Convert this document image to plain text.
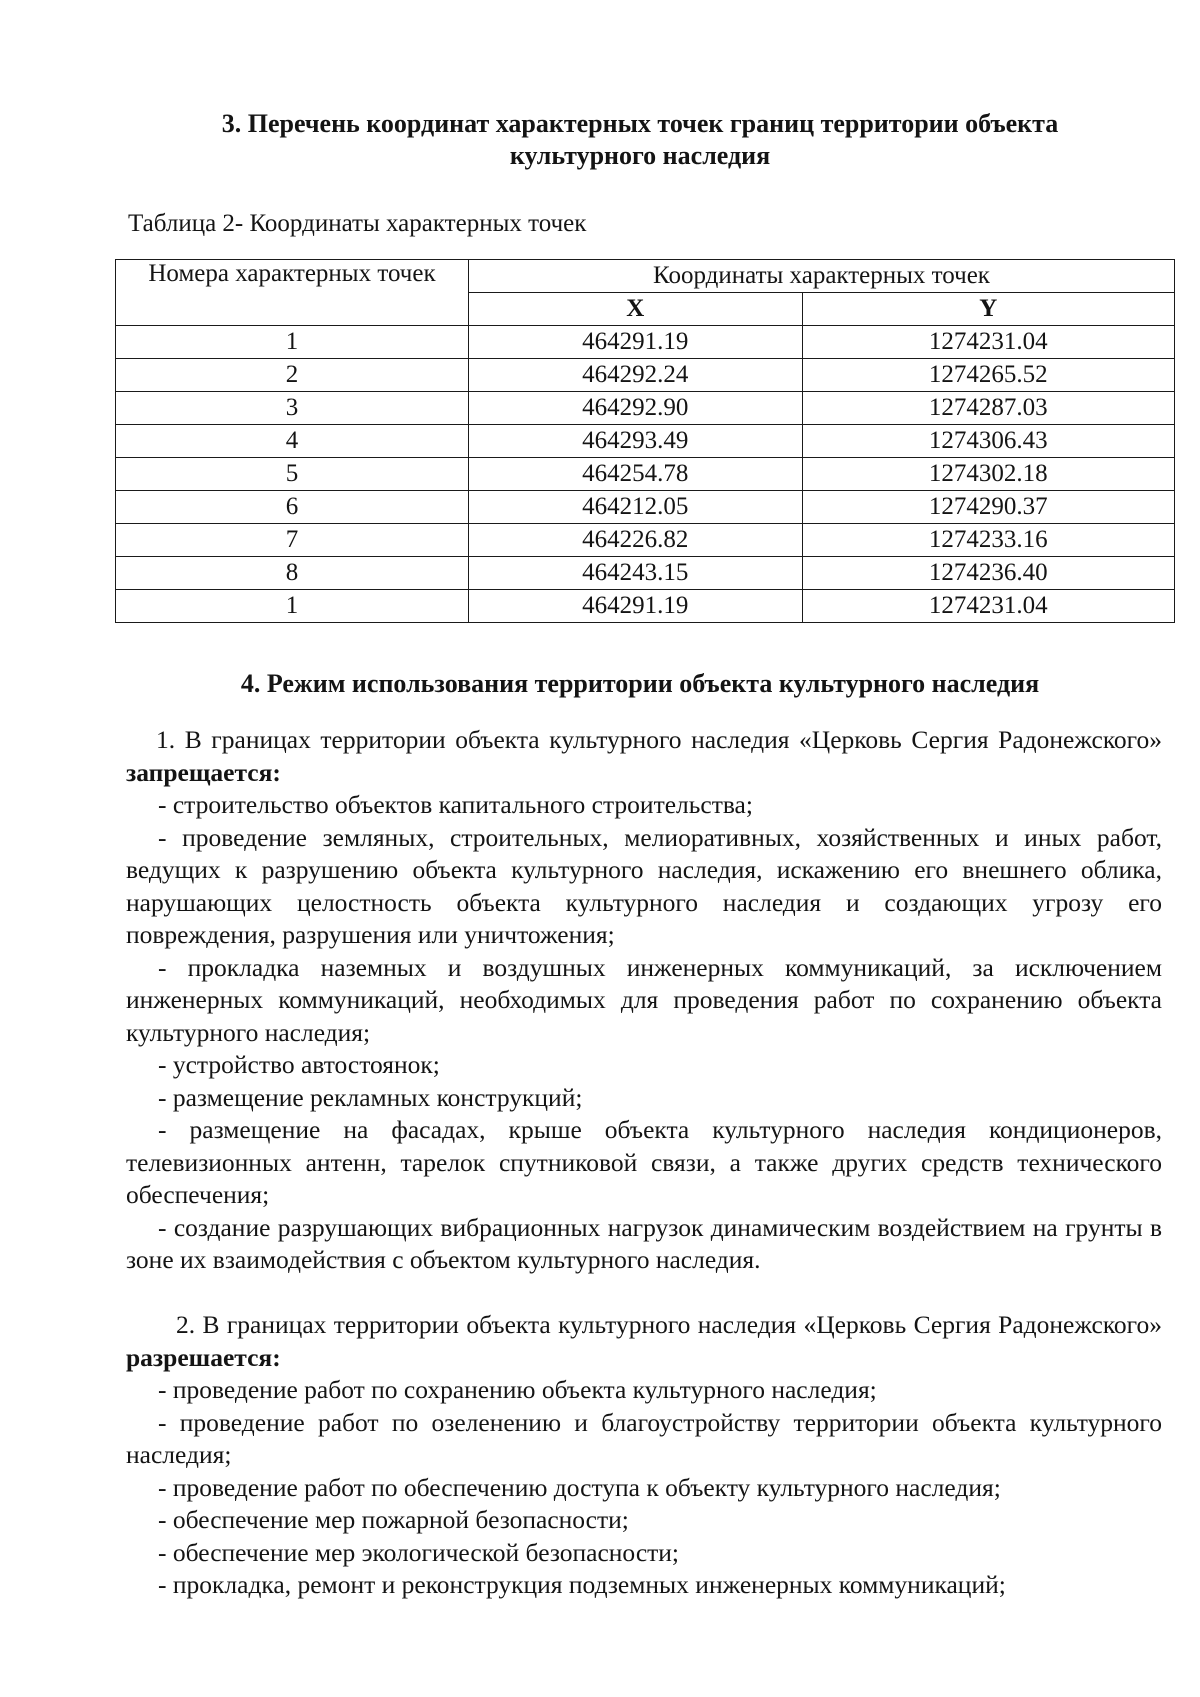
3. Перечень координат характерных точек границ территории объекта культурного наследия
Таблица 2- Координаты характерных точек
Номера характерных точек	Координаты характерных точек	
	X	Y
1	464291.19	1274231.04
2	464292.24	1274265.52
3	464292.90	1274287.03
4	464293.49	1274306.43
5	464254.78	1274302.18
6	464212.05	1274290.37
7	464226.82	1274233.16
8	464243.15	1274236.40
1	464291.19	1274231.04
4. Режим использования территории объекта культурного наследия

1. В границах территории объекта культурного наследия «Церковь Сергия Радонежского» запрещается:

- строительство объектов капитального строительства;

- проведение земляных, строительных, мелиоративных, хозяйственных и иных работ, ведущих к разрушению объекта культурного наследия, искажению его внешнего облика, нарушающих целостность объекта культурного наследия и создающих угрозу его повреждения, разрушения или уничтожения;

- прокладка наземных и воздушных инженерных коммуникаций, за исключением инженерных коммуникаций, необходимых для проведения работ по сохранению объекта культурного наследия;

- устройство автостоянок;

- размещение рекламных конструкций;

- размещение на фасадах, крыше объекта культурного наследия кондиционеров, телевизионных антенн, тарелок спутниковой связи, а также других средств технического обеспечения;

- создание разрушающих вибрационных нагрузок динамическим воздействием на грунты в зоне их взаимодействия с объектом культурного наследия.

2. В границах территории объекта культурного наследия «Церковь Сергия Радонежского» разрешается:

- проведение работ по сохранению объекта культурного наследия;

- проведение работ по озеленению и благоустройству территории объекта культурного наследия;

- проведение работ по обеспечению доступа к объекту культурного наследия;

- обеспечение мер пожарной безопасности;

- обеспечение мер экологической безопасности;

- прокладка, ремонт и реконструкция подземных инженерных коммуникаций;
